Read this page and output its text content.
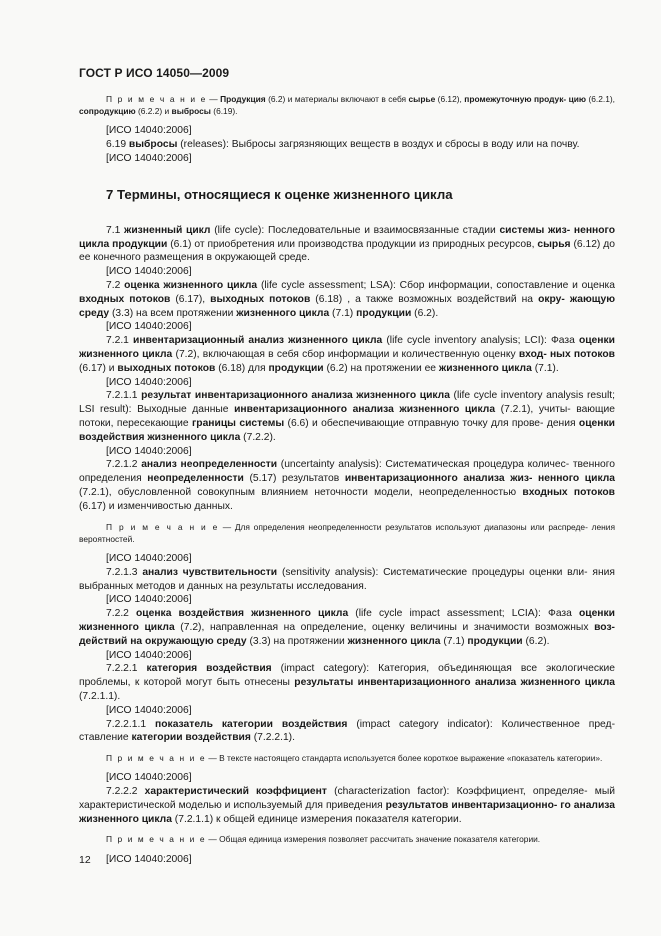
ГОСТ Р ИСО 14050—2009

П р и м е ч а н и е — Продукция (6.2) и материалы включают в себя сырье (6.12), промежуточную продук- цию (6.2.1), сопродукцию (6.2.2) и выбросы (6.19).

[ИСО 14040:2006]

6.19 выбросы (releases): Выбросы загрязняющих веществ в воздух и сбросы в воду или на почву.

[ИСО 14040:2006]

7 Термины, относящиеся к оценке жизненного цикла

7.1 жизненный цикл (life cycle): Последовательные и взаимосвязанные стадии системы жиз- ненного цикла продукции (6.1) от приобретения или производства продукции из природных ресурсов, сырья (6.12) до ее конечного размещения в окружающей среде.

[ИСО 14040:2006]

7.2 оценка жизненного цикла (life cycle assessment; LSA): Сбор информации, сопоставление и оценка входных потоков (6.17), выходных потоков (6.18) , а также возможных воздействий на окру- жающую среду (3.3) на всем протяжении жизненного цикла (7.1) продукции (6.2).

[ИСО 14040:2006]

7.2.1 инвентаризационный анализ жизненного цикла (life cycle inventory analysis; LCI): Фаза оценки жизненного цикла (7.2), включающая в себя сбор информации и количественную оценку вход- ных потоков (6.17) и выходных потоков (6.18) для продукции (6.2) на протяжении ее жизненного цикла (7.1).

[ИСО 14040:2006]

7.2.1.1 результат инвентаризационного анализа жизненного цикла (life cycle inventory analysis result; LSI result): Выходные данные инвентаризационного анализа жизненного цикла (7.2.1), учиты- вающие потоки, пересекающие границы системы (6.6) и обеспечивающие отправную точку для прове- дения оценки воздействия жизненного цикла (7.2.2).

[ИСО 14040:2006]

7.2.1.2 анализ неопределенности (uncertainty analysis): Систематическая процедура количес- твенного определения неопределенности (5.17) результатов инвентаризационного анализа жиз- ненного цикла (7.2.1), обусловленной совокупным влиянием неточности модели, неопределенностью входных потоков (6.17) и изменчивостью данных.

П р и м е ч а н и е — Для определения неопределенности результатов используют диапазоны или распреде- ления вероятностей.

[ИСО 14040:2006]

7.2.1.3 анализ чувствительности (sensitivity analysis): Систематические процедуры оценки вли- яния выбранных методов и данных на результаты исследования.

[ИСО 14040:2006]

7.2.2 оценка воздействия жизненного цикла (life cycle impact assessment; LCIA): Фаза оценки жизненного цикла (7.2), направленная на определение, оценку величины и значимости возможных воз- действий на окружающую среду (3.3) на протяжении жизненного цикла (7.1) продукции (6.2).

[ИСО 14040:2006]

7.2.2.1 категория воздействия (impact category): Категория, объединяющая все экологические проблемы, к которой могут быть отнесены результаты инвентаризационного анализа жизненного цикла (7.2.1.1).

[ИСО 14040:2006]

7.2.2.1.1 показатель категории воздействия (impact category indicator): Количественное пред- ставление категории воздействия (7.2.2.1).

П р и м е ч а н и е — В тексте настоящего стандарта используется более короткое выражение «показатель категории».

[ИСО 14040:2006]

7.2.2.2 характеристический коэффициент (characterization factor): Коэффициент, определяе- мый характеристической моделью и используемый для приведения результатов инвентаризационно- го анализа жизненного цикла (7.2.1.1) к общей единице измерения показателя категории.

П р и м е ч а н и е — Общая единица измерения позволяет рассчитать значение показателя категории.

[ИСО 14040:2006]

12
